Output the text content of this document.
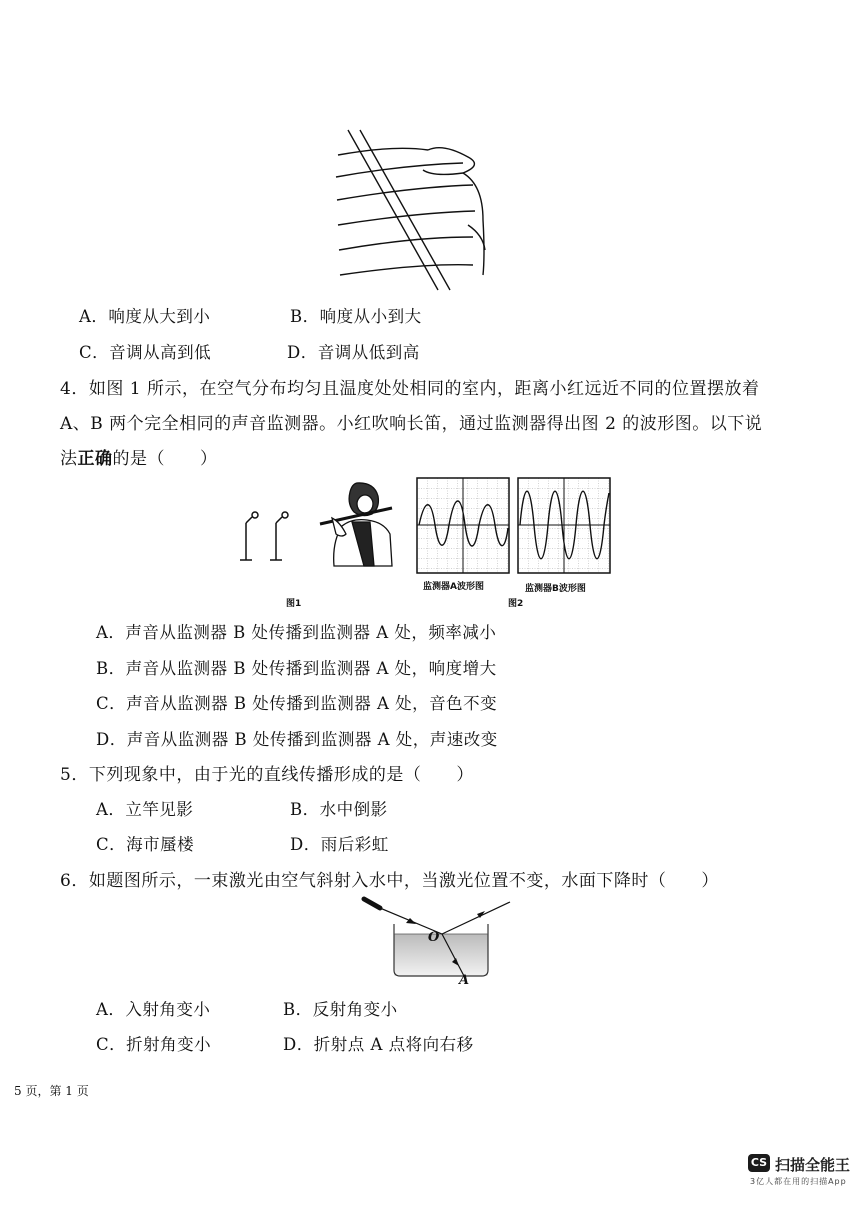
A．响度从大到小	B．响度从小到大
C．音调从高到低	D．音调从低到高
4．如图 1 所示，在空气分布均匀且温度处处相同的室内，距离小红远近不同的位置摆放着
A、B 两个完全相同的声音监测器。小红吹响长笛，通过监测器得出图 2 的波形图。以下说
法正确的是（　　）
监测器A波形图	监测器B波形图
图1	图2
A．声音从监测器 B 处传播到监测器 A 处，频率减小
B．声音从监测器 B 处传播到监测器 A 处，响度增大
C．声音从监测器 B 处传播到监测器 A 处，音色不变
D．声音从监测器 B 处传播到监测器 A 处，声速改变
5．下列现象中，由于光的直线传播形成的是（　　）
A．立竿见影	B．水中倒影
C．海市蜃楼	D．雨后彩虹
6．如题图所示，一束激光由空气斜射入水中，当激光位置不变，水面下降时（　　）
O
A
A．入射角变小	B．反射角变小
C．折射角变小	D．折射点 A 点将向右移
5 页，第 1 页
CS 扫描全能王
3亿人都在用的扫描App
